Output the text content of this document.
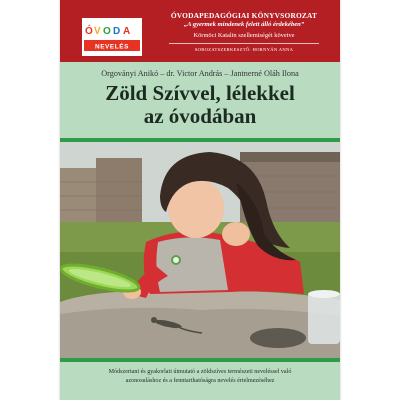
Ó V O D A
NEVELÉS
ÓVODAPEDAGÓGIAI KÖNYVSOROZAT
„A gyermek mindenek felett álló érdekében”
Körmöci Katalin szellemiségét követve
SOROZATSZERKESZTŐ: HORNYÁN ANNA
Orgoványi Anikó – dr. Victor András – Jantnerné Oláh Ilona
Zöld Szívvel, lélekkel
az óvodában
Módszertani és gyakorlati útmutató a zöldszíves természeti neveléssel való
azonosuláshoz és a fenntarthatóságra nevelés értelmezéséhez
